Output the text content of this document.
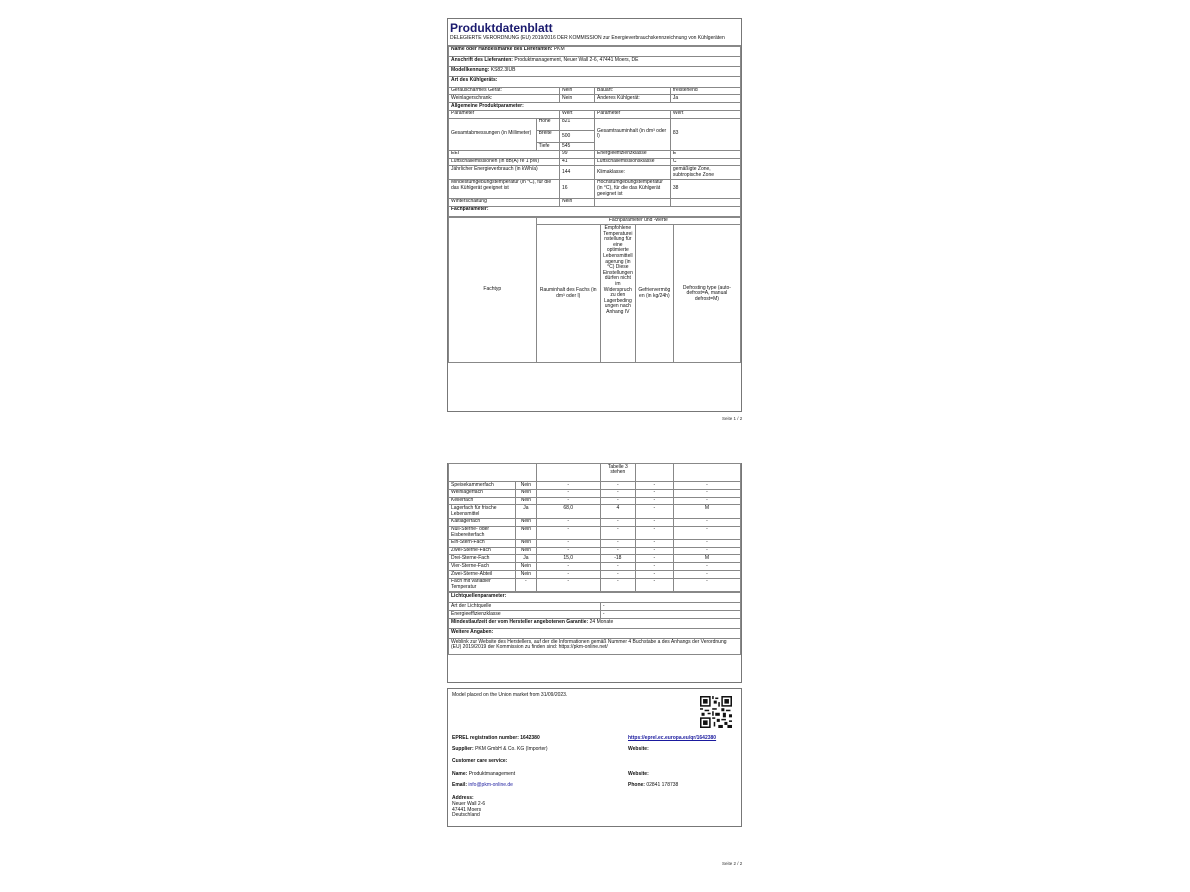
Produktdatenblatt
DELEGIERTE VERORDNUNG (EU) 2019/2016 DER KOMMISSION zur Energieverbrauchskennzeichnung von Kühlgeräten
Name oder Handelsmarke des Lieferanten: PKM				
Anschrift des Lieferanten: Produktmanagement, Neuer Wall 2-6, 47441 Moers, DE				
Modellkennung: KS82.3IUB				
Art des Kühlgeräts:				
Geräuscharmes Gerät:		Nein	Bauart:	freistehend
Weinlagerschrank:		Nein	Anderes Kühlgerät:	Ja
Allgemeine Produktparameter:				
Parameter		Wert	Parameter	Wert
Gesamtabmessungen (in Millimeter)	Höhe	821	Gesamtrauminhalt (in dm³ oder l)	83
	Breite	500		
	Tiefe	545		
EEI		99	Energieeffizienzklasse	E
Luftschallemissionen (in dB(A) re 1 pW)		41	Luftschallemissionsklasse	C
Jährlicher Energieverbrauch (in kWh/a)		144	Klimaklasse:	gemäßigte Zone, subtropische Zone
Mindestumgebungstemperatur (in °C), für die das Kühlgerät geeignet ist		16	Höchstumgebungstemperatur (in °C), für die das Kühlgerät geeignet ist	38
Winterschaltung		Nein		
Fachparameter:				
Fachtyp	Fachparameter und -werte			
	Rauminhalt des Fachs (in dm³ oder l)	Empfohlene Temperatureinstellung für eine optimierte Lebensmittellagerung (in °C) Diese Einstellungen dürfen nicht im Widerspruch zu den Lagerbedingungen nach Anhang IV	Gefriervermögen (in kg/24h)	Defrosting type (auto-defrost=A, manual defrost=M)
Seite 1 / 2
			Tabelle 3 stehen		
Speisekammerfach	Nein	-	-	-	-
Weinlagerfach	Nein	-	-	-	-
Kellerfach	Nein	-	-	-	-
Lagerfach für frische Lebensmittel	Ja	68,0	4	-	M
Kaltlagerfach	Nein	-	-	-	-
Null-Sterne- oder Eisbereiterfach	Nein	-	-	-	-
Ein-Stern-Fach	Nein	-	-	-	-
Zwei-Sterne-Fach	Nein	-	-	-	-
Drei-Sterne-Fach	Ja	15,0	-18	-	M
Vier-Sterne-Fach	Nein	-	-	-	-
Zwei-Sterne-Abteil	Nein	-	-	-	-
Fach mit variabler Temperatur	-	-	-	-	-
Lichtquellenparameter:	
Art der Lichtquelle	-
Energieeffizienzklasse	-
Mindestlaufzeit der vom Hersteller angebotenen Garantie: 24 Monate	
Weitere Angaben:	
Weblink zur Website des Herstellers, auf der die Informationen gemäß Nummer 4 Buchstabe a des Anhangs der Verordnung (EU) 2019/2019 der Kommission zu finden sind: https://pkm-online.net/	
Model placed on the Union market from 31/09/2023.
EPREL registration number: 1642380	https://eprel.ec.europa.eu/qr/1642380
Supplier: PKM GmbH & Co. KG (Importer)	Website:
Customer care service:
Name: Produktmanagement	Website:
Email: info@pkm-online.de	Phone: 02841 178738
Address:
Neuer Wall 2-6
47441 Moers
Deutschland
Seite 2 / 2
